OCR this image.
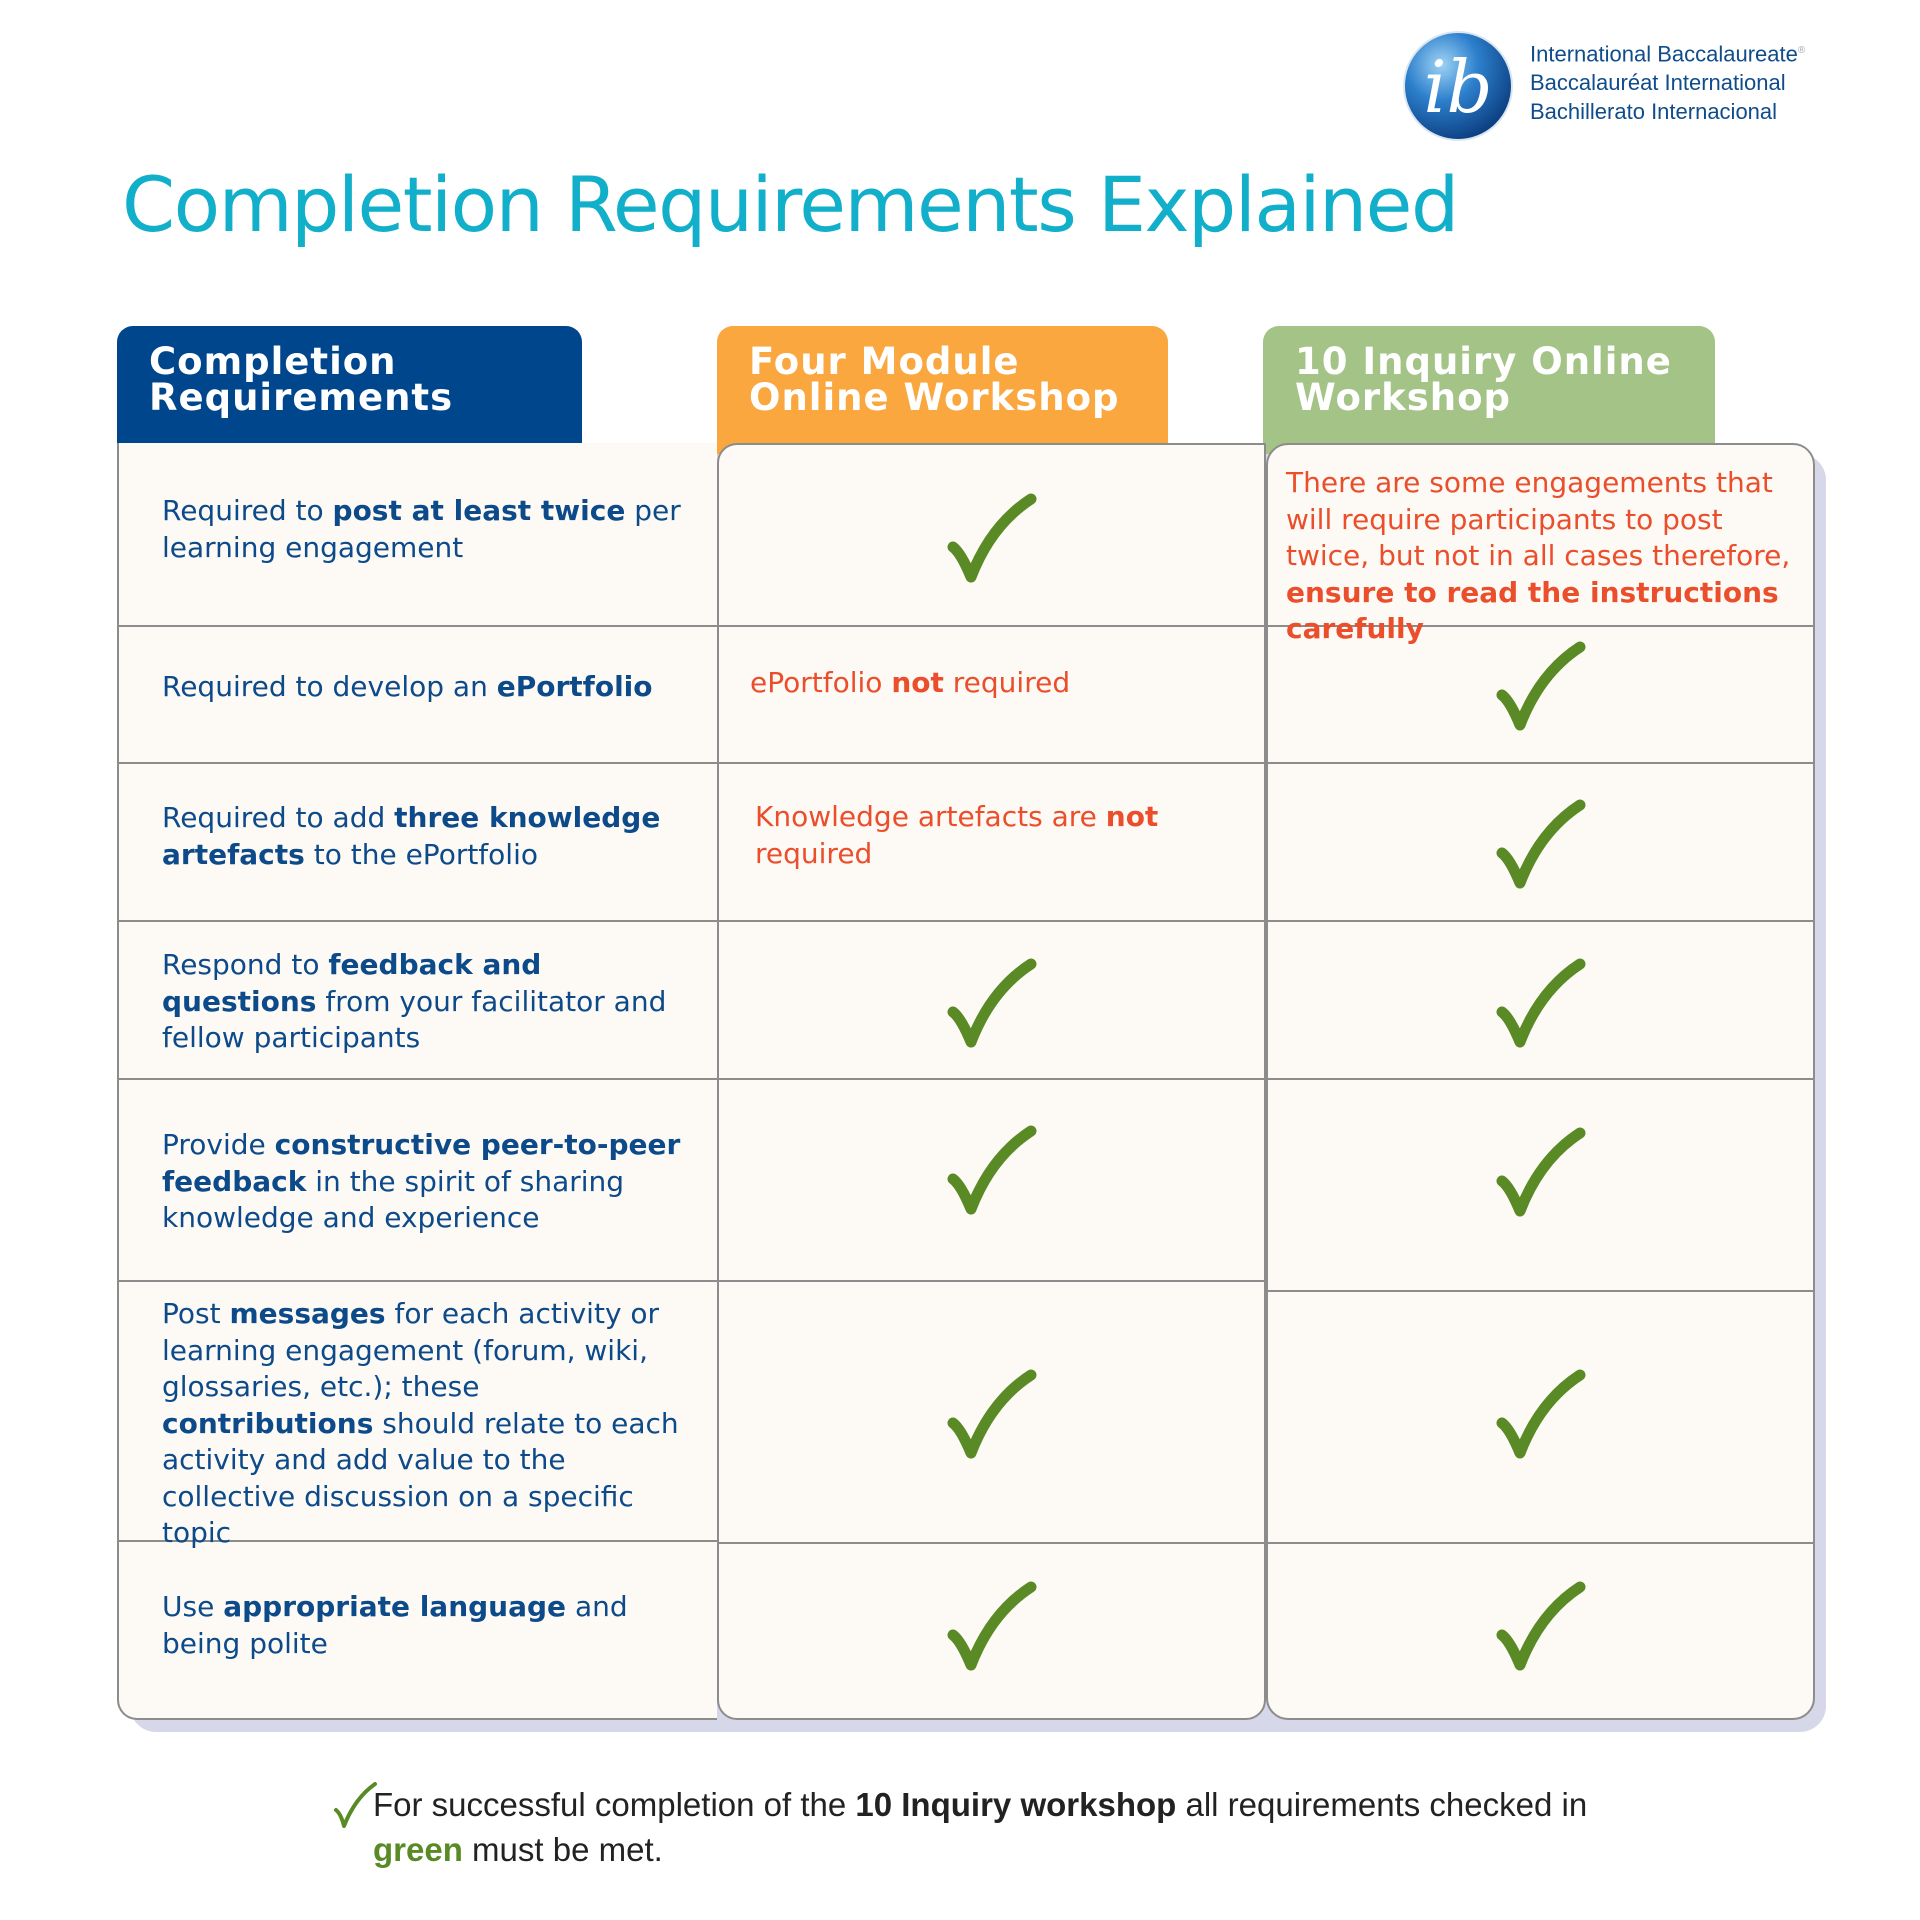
ib International Baccalaureate®
Baccalauréat International
Bachillerato Internacional
Completion Requirements Explained
Completion
Requirements
Four Module
Online Workshop
10 Inquiry Online
Workshop
Required to post at least twice per learning engagement
Required to develop an ePortfolio
Required to add three knowledge artefacts to the ePortfolio
Respond to feedback and questions from your facilitator and fellow participants
Provide constructive peer-to-peer feedback in the spirit of sharing knowledge and experience
Post messages for each activity or learning engagement (forum, wiki, glossaries, etc.); these contributions should relate to each activity and add value to the collective discussion on a specific topic
Use appropriate language and being polite
ePortfolio not required
Knowledge artefacts are not required
There are some engagements that will require participants to post twice, but not in all cases therefore, ensure to read the instructions carefully
For successful completion of the 10 Inquiry workshop all requirements checked in
green must be met.
